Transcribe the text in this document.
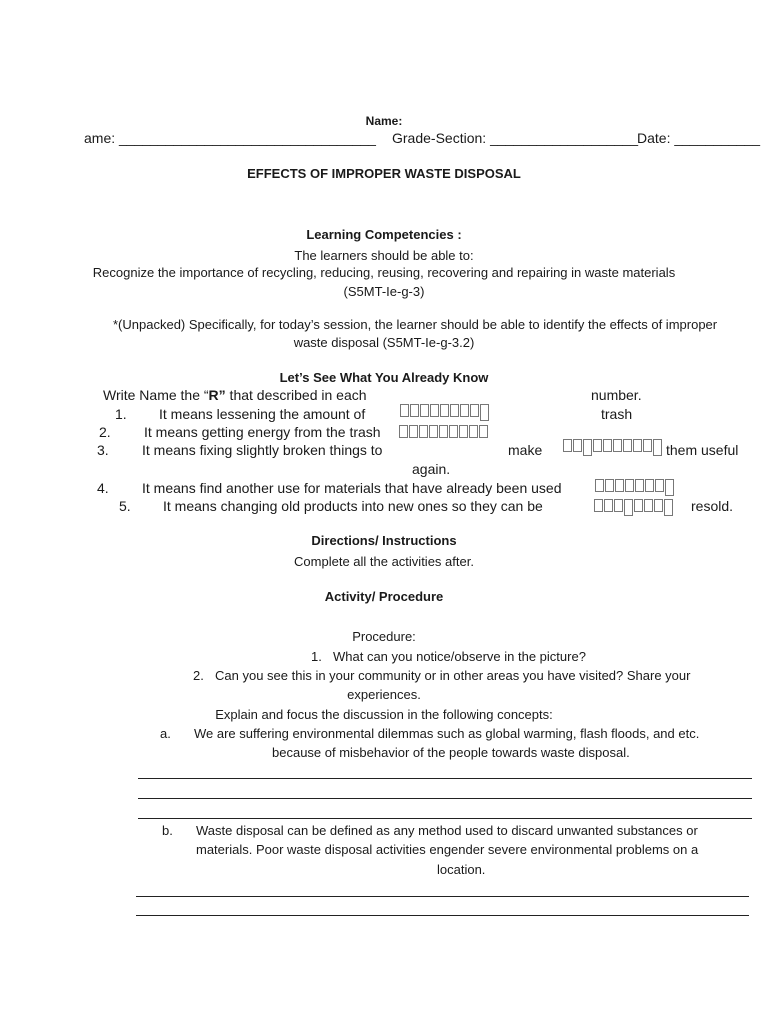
Name:
ame: _________________________________ Grade-Section: ___________________ Date: ___________
EFFECTS OF IMPROPER WASTE DISPOSAL
Learning Competencies :
The learners should be able to:
Recognize the importance of recycling, reducing, reusing, recovering and repairing in waste materials
(S5MT-Ie-g-3)
*(Unpacked) Specifically, for today’s session, the learner should be able to identify the effects of improper
waste disposal (S5MT-Ie-g-3.2)
Let’s See What You Already Know
Write Name the “R” that described in each	number.
1. It means lessening the amount of	trash
2. It means getting energy from the trash
3. It means fixing slightly broken things to	make	them useful
again.
4. It means find another use for materials that have already been used
5. It means changing old products into new ones so they can be	resold.
Directions/ Instructions
Complete all the activities after.
Activity/ Procedure
Procedure:
1. What can you notice/observe in the picture?
2. Can you see this in your community or in other areas you have visited? Share your
experiences.
Explain and focus the discussion in the following concepts:
a. We are suffering environmental dilemmas such as global warming, flash floods, and etc.
because of misbehavior of the people towards waste disposal.
b. Waste disposal can be defined as any method used to discard unwanted substances or
materials. Poor waste disposal activities engender severe environmental problems on a
location.
